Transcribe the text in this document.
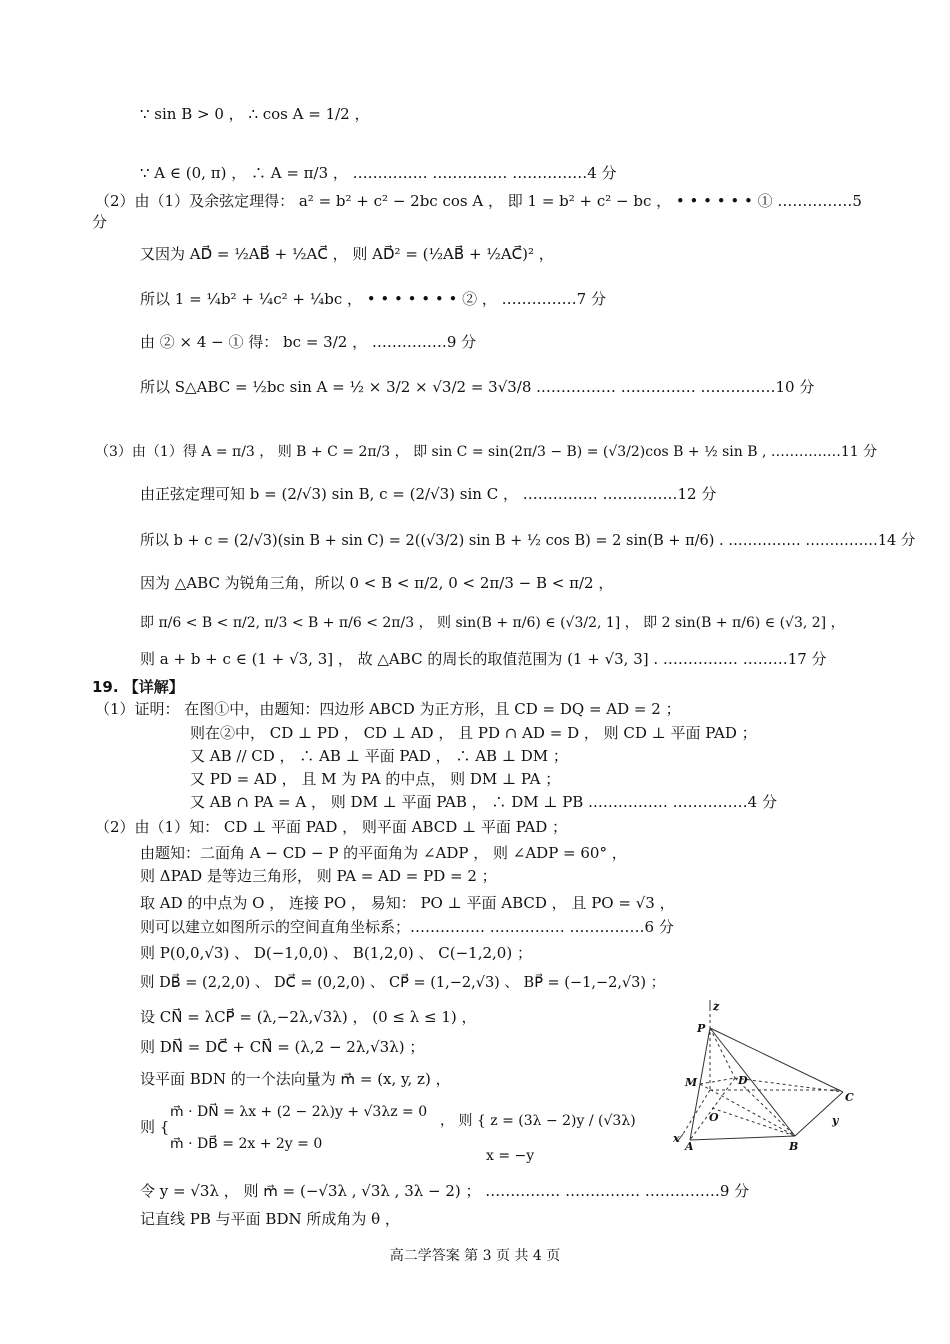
∵ sin B > 0 ， ∴ cos A = 1/2 ，
∵ A ∈ (0, π) ， ∴ A = π/3 ， …………… …………… ……………4 分
（2）由（1）及余弦定理得： a² = b² + c² − 2bc cos A ， 即 1 = b² + c² − bc ， • • • • • • ① ……………5
分
又因为 AD⃗ = ½AB⃗ + ½AC⃗ ， 则 AD⃗² = (½AB⃗ + ½AC⃗)² ，
所以 1 = ¼b² + ¼c² + ¼bc ， • • • • • • • ② ， ……………7 分
由 ② × 4 − ① 得： bc = 3/2 ， ……………9 分
所以 S△ABC = ½bc sin A = ½ × 3/2 × √3/2 = 3√3/8 .…………… …………… ……………10 分
（3）由（1）得 A = π/3 ， 则 B + C = 2π/3 ， 即 sin C = sin(2π/3 − B) = (√3/2)cos B + ½ sin B , ……………11 分
由正弦定理可知 b = (2/√3) sin B, c = (2/√3) sin C ， …………… ……………12 分
所以 b + c = (2/√3)(sin B + sin C) = 2((√3/2) sin B + ½ cos B) = 2 sin(B + π/6) . …………… ……………14 分
因为 △ABC 为锐角三角，所以 0 < B < π/2, 0 < 2π/3 − B < π/2 ，
即 π/6 < B < π/2, π/3 < B + π/6 < 2π/3 ， 则 sin(B + π/6) ∈ (√3/2, 1] ， 即 2 sin(B + π/6) ∈ (√3, 2] ，
则 a + b + c ∈ (1 + √3, 3] ， 故 △ABC 的周长的取值范围为 (1 + √3, 3] . …………… ………17 分
19. 【详解】
（1）证明： 在图①中，由题知：四边形 ABCD 为正方形，且 CD = DQ = AD = 2 ；
则在②中， CD ⊥ PD ， CD ⊥ AD ， 且 PD ∩ AD = D ， 则 CD ⊥ 平面 PAD ；
又 AB // CD ， ∴ AB ⊥ 平面 PAD ， ∴ AB ⊥ DM ；
又 PD = AD ， 且 M 为 PA 的中点， 则 DM ⊥ PA ；
又 AB ∩ PA = A ， 则 DM ⊥ 平面 PAB ， ∴ DM ⊥ PB .…………… ……………4 分
（2）由（1）知： CD ⊥ 平面 PAD ， 则平面 ABCD ⊥ 平面 PAD ；
由题知：二面角 A − CD − P 的平面角为 ∠ADP ， 则 ∠ADP = 60° ，
则 ΔPAD 是等边三角形， 则 PA = AD = PD = 2 ；
取 AD 的中点为 O ， 连接 PO ， 易知： PO ⊥ 平面 ABCD ， 且 PO = √3 ，
则可以建立如图所示的空间直角坐标系；…………… …………… ……………6 分
则 P(0,0,√3) 、 D(−1,0,0) 、 B(1,2,0) 、 C(−1,2,0) ；
则 DB⃗ = (2,2,0) 、 DC⃗ = (0,2,0) 、 CP⃗ = (1,−2,√3) 、 BP⃗ = (−1,−2,√3) ；
设 CN⃗ = λCP⃗ = (λ,−2λ,√3λ) ， (0 ≤ λ ≤ 1) ，
则 DN⃗ = DC⃗ + CN⃗ = (λ,2 − 2λ,√3λ) ；
设平面 BDN 的一个法向量为 m⃗ = (x, y, z) ，
m⃗ · DN⃗ = λx + (2 − 2λ)y + √3λz = 0
则 {
m⃗ · DB⃗ = 2x + 2y = 0
， 则 { z = (3λ − 2)y / (√3λ)
x = −y
令 y = √3λ ， 则 m⃗ = (−√3λ , √3λ , 3λ − 2) ； …………… …………… ……………9 分
记直线 PB 与平面 BDN 所成角为 θ ，
z
P
M	D
O
C
y
x
A	B
高二学答案 第 3 页 共 4 页
